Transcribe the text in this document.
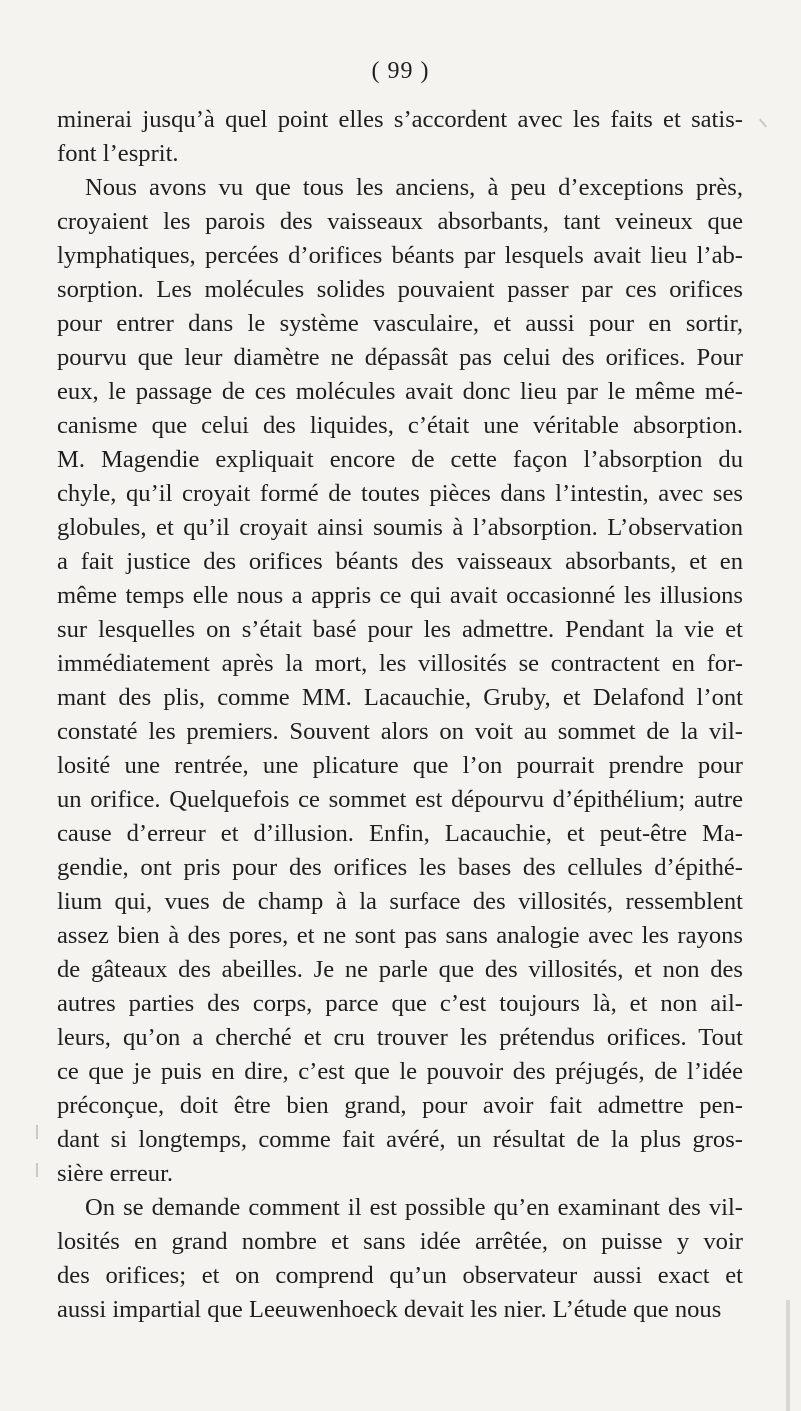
( 99 )
minerai jusqu’à quel point elles s’accordent avec les faits et satis-
font l’esprit.
Nous avons vu que tous les anciens, à peu d’exceptions près,
croyaient les parois des vaisseaux absorbants, tant veineux que
lymphatiques, percées d’orifices béants par lesquels avait lieu l’ab-
sorption. Les molécules solides pouvaient passer par ces orifices
pour entrer dans le système vasculaire, et aussi pour en sortir,
pourvu que leur diamètre ne dépassât pas celui des orifices. Pour
eux, le passage de ces molécules avait donc lieu par le même mé-
canisme que celui des liquides, c’était une véritable absorption.
M. Magendie expliquait encore de cette façon l’absorption du
chyle, qu’il croyait formé de toutes pièces dans l’intestin, avec ses
globules, et qu’il croyait ainsi soumis à l’absorption. L’observation
a fait justice des orifices béants des vaisseaux absorbants, et en
même temps elle nous a appris ce qui avait occasionné les illusions
sur lesquelles on s’était basé pour les admettre. Pendant la vie et
immédiatement après la mort, les villosités se contractent en for-
mant des plis, comme MM. Lacauchie, Gruby, et Delafond l’ont
constaté les premiers. Souvent alors on voit au sommet de la vil-
losité une rentrée, une plicature que l’on pourrait prendre pour
un orifice. Quelquefois ce sommet est dépourvu d’épithélium; autre
cause d’erreur et d’illusion. Enfin, Lacauchie, et peut-être Ma-
gendie, ont pris pour des orifices les bases des cellules d’épithé-
lium qui, vues de champ à la surface des villosités, ressemblent
assez bien à des pores, et ne sont pas sans analogie avec les rayons
de gâteaux des abeilles. Je ne parle que des villosités, et non des
autres parties des corps, parce que c’est toujours là, et non ail-
leurs, qu’on a cherché et cru trouver les prétendus orifices. Tout
ce que je puis en dire, c’est que le pouvoir des préjugés, de l’idée
préconçue, doit être bien grand, pour avoir fait admettre pen-
dant si longtemps, comme fait avéré, un résultat de la plus gros-
sière erreur.
On se demande comment il est possible qu’en examinant des vil-
losités en grand nombre et sans idée arrêtée, on puisse y voir
des orifices; et on comprend qu’un observateur aussi exact et
aussi impartial que Leeuwenhoeck devait les nier. L’étude que nous
